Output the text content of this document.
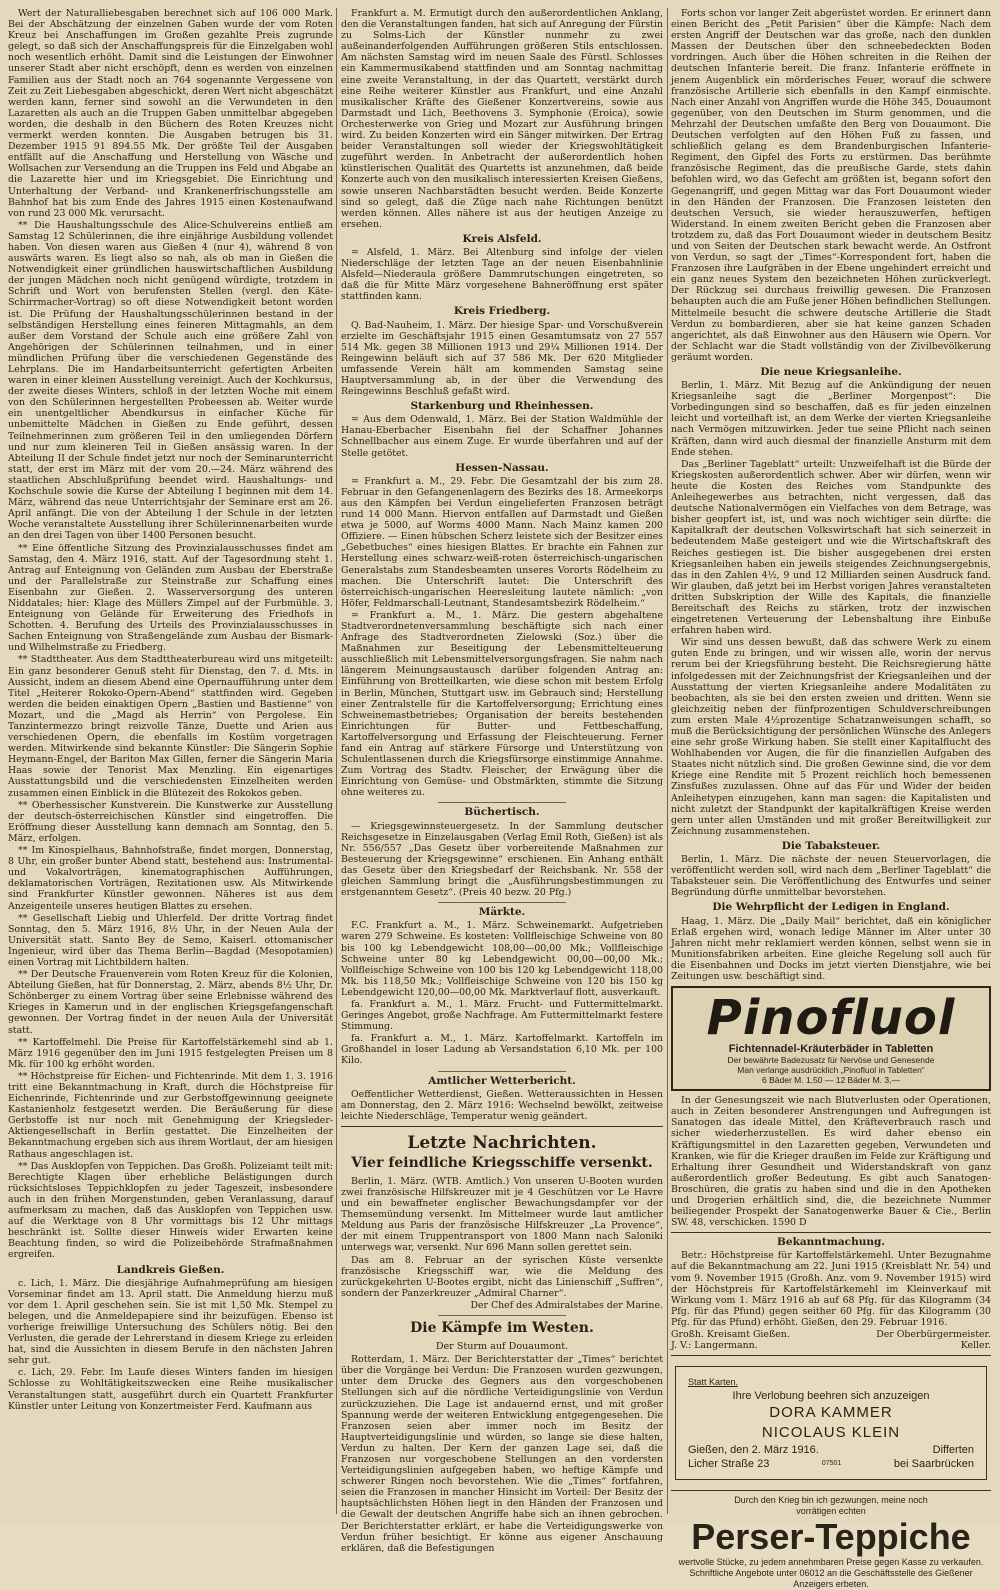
Wert der Naturalliebesgaben berechnet sich auf 106 000 Mark. Bei der Abschätzung der einzelnen Gaben wurde der vom Roten Kreuz bei Anschaffungen im Großen gezahlte Preis zugrunde gelegt, so daß sich der Anschaffungspreis für die Einzelgaben wohl noch wesentlich erhöht. Damit sind die Leistungen der Einwohner unserer Stadt aber nicht erschöpft, denn es werden von einzelnen Familien aus der Stadt noch an 764 sogenannte Vergessene von Zeit zu Zeit Liebesgaben abgeschickt, deren Wert nicht abgeschätzt werden kann, ferner sind sowohl an die Verwundeten in den Lazaretten als auch an die Truppen Gaben unmittelbar abgegeben worden, die deshalb in den Büchern des Roten Kreuzes nicht vermerkt werden konnten. Die Ausgaben betrugen bis 31. Dezember 1915 91 894.55 Mk. Der größte Teil der Ausgaben entfällt auf die Anschaffung und Herstellung von Wäsche und Wollsachen zur Versendung an die Truppen ins Feld und Abgabe an die Lazarette hier und im Kriegsgebiet. Die Einrichtung und Unterhaltung der Verband- und Krankenerfrischungsstelle am Bahnhof hat bis zum Ende des Jahres 1915 einen Kostenaufwand von rund 23 000 Mk. verursacht.

** Die Haushaltungsschule des Alice-Schulvereins entließ am Samstag 12 Schülerinnen, die ihre einjährige Ausbildung vollendet haben. Von diesen waren aus Gießen 4 (nur 4), während 8 von auswärts waren. Es liegt also so nah, als ob man in Gießen die Notwendigkeit einer gründlichen hauswirtschaftlichen Ausbildung der jungen Mädchen noch nicht genügend würdigte, trotzdem in Schrift und Wort von berufensten Stellen (vergl. den Käte-Schirrmacher-Vortrag) so oft diese Notwendigkeit betont worden ist. Die Prüfung der Haushaltungsschülerinnen bestand in der selbständigen Herstellung eines feineren Mittagmahls, an dem außer dem Vorstand der Schule auch eine größere Zahl von Angehörigen der Schülerinnen teilnahmen, und in einer mündlichen Prüfung über die verschiedenen Gegenstände des Lehrplans. Die im Handarbeitsunterricht gefertigten Arbeiten waren in einer kleinen Ausstellung vereinigt. Auch der Kochkursus, der zweite dieses Winters, schloß in der letzten Woche mit einem von den Schülerinnen hergestellten Probeessen ab. Weiter wurde ein unentgeltlicher Abendkursus in einfacher Küche für unbemittelte Mädchen in Gießen zu Ende geführt, dessen Teilnehmerinnen zum größeren Teil in den umliegenden Dörfern und nur zum kleineren Teil in Gießen ansässig waren. In der Abteilung II der Schule findet jetzt nur noch der Seminarunterricht statt, der erst im März mit der vom 20.—24. März während des staatlichen Abschlußprüfung beendet wird. Haushaltungs- und Kochschule sowie die Kurse der Abteilung I beginnen mit dem 14. März, während das neue Unterrichtsjahr der Seminare erst am 26. April anfängt. Die von der Abteilung I der Schule in der letzten Woche veranstaltete Ausstellung ihrer Schülerinnenarbeiten wurde an den drei Tagen von über 1400 Personen besucht.

** Eine öffentliche Sitzung des Provinzialausschusses findet am Samstag, den 4. März 1916, statt. Auf der Tagesordnung steht 1. Antrag auf Enteignung von Geländen zum Ausbau der Eberstraße und der Parallelstraße zur Steinstraße zur Schaffung eines Eisenbahn zur Gießen. 2. Wasserversorgung des unteren Niddatales; hier: Klage des Müllers Zimpel auf der Furbmühle. 3. Enteignung von Gelände für Erweiterung des Friedhofs in Schotten. 4. Berufung des Urteils des Provinzialausschusses in Sachen Enteignung von Straßengelände zum Ausbau der Bismark- und Wilhelmstraße zu Friedberg.

** Stadttheater. Aus dem Stadttheaterbureau wird uns mitgeteilt: Ein ganz besonderer Genuß steht für Dienstag, den 7. d. Mts. in Aussicht, indem an diesem Abend eine Opernaufführung unter dem Titel „Heiterer Rokoko-Opern-Abend“ stattfinden wird. Gegeben werden die beiden einaktigen Opern „Bastien und Bastienne“ von Mozart, und die „Magd als Herrin“ von Pergolese. Ein Tanzintermezzo bringt reizvolle Tänze, Duette und Arien aus verschiedenen Opern, die ebenfalls im Kostüm vorgetragen werden. Mitwirkende sind bekannte Künstler: Die Sängerin Sophie Heymann-Engel, der Bariton Max Gillen, ferner die Sängerin Maria Haas sowie der Tenorist Max Menzling. Ein eigenartiges Ausstattungsbild und die verschiedensten Einzelheiten werden zusammen einen Einblick in die Blütezeit des Rokokos geben.

** Oberhessischer Kunstverein. Die Kunstwerke zur Ausstellung der deutsch-österreichischen Künstler sind eingetroffen. Die Eröffnung dieser Ausstellung kann demnach am Sonntag, den 5. März, erfolgen.

** Im Kinospielhaus, Bahnhofstraße, findet morgen, Donnerstag, 8 Uhr, ein großer bunter Abend statt, bestehend aus: Instrumental- und Vokalvorträgen, kinematographischen Aufführungen, deklamatorischen Vorträgen, Rezitationen usw. Als Mitwirkende sind Frankfurter Künstler gewonnen. Näheres ist aus dem Anzeigenteile unseres heutigen Blattes zu ersehen.

** Gesellschaft Liebig und Uhlerfeld. Der dritte Vortrag findet Sonntag, den 5. März 1916, 8½ Uhr, in der Neuen Aula der Universität statt. Santo Bey de Semo, Kaiserl. ottomanischer Ingenieur, wird über das Thema Berlin—Bagdad (Mesopotamien) einen Vortrag mit Lichtbildern halten.

** Der Deutsche Frauenverein vom Roten Kreuz für die Kolonien, Abteilung Gießen, hat für Donnerstag, 2. März, abends 8½ Uhr, Dr. Schönberger zu einem Vortrag über seine Erlebnisse während des Krieges in Kamerun und in der englischen Kriegsgefangenschaft gewonnen. Der Vortrag findet in der neuen Aula der Universität statt.

** Kartoffelmehl. Die Preise für Kartoffelstärkemehl sind ab 1. März 1916 gegenüber den im Juni 1915 festgelegten Preisen um 8 Mk. für 100 kg erhöht worden.

** Höchstpreise für Eichen- und Fichtenrinde. Mit dem 1. 3. 1916 tritt eine Bekanntmachung in Kraft, durch die Höchstpreise für Eichenrinde, Fichtenrinde und zur Gerbstoffgewinnung geeignete Kastanienholz festgesetzt werden. Die Beräußerung für diese Gerbstoffe ist nur noch mit Genehmigung der Kriegsleder-Aktiengesellschaft in Berlin gestattet. Die Einzelheiten der Bekanntmachung ergeben sich aus ihrem Wortlaut, der am hiesigen Rathaus angeschlagen ist.

** Das Ausklopfen von Teppichen. Das Großh. Polizeiamt teilt mit: Berechtigte Klagen über erhebliche Belästigungen durch rücksichtsloses Teppichklopfen zu jeder Tageszeit, insbesondere auch in den frühen Morgenstunden, geben Veranlassung, darauf aufmerksam zu machen, daß das Ausklopfen von Teppichen usw. auf die Werktage von 8 Uhr vormittags bis 12 Uhr mittags beschränkt ist. Sollte dieser Hinweis wider Erwarten keine Beachtung finden, so wird die Polizeibehörde Strafmaßnahmen ergreifen.

Landkreis Gießen.

c. Lich, 1. März. Die diesjährige Aufnahmeprüfung am hiesigen Vorseminar findet am 13. April statt. Die Anmeldung hierzu muß vor dem 1. April geschehen sein. Sie ist mit 1,50 Mk. Stempel zu belegen, und die Anmeldepapiere sind ihr beizufügen. Ebenso ist vorherige freiwillige Untersuchung des Schülers nötig. Bei den Verlusten, die gerade der Lehrerstand in diesem Kriege zu erleiden hat, sind die Aussichten in diesem Berufe in den nächsten Jahren sehr gut.

c. Lich, 29. Febr. Im Laufe dieses Winters fanden im hiesigen Schlosse zu Wohltätigkeitszwecken eine Reihe musikalischer Veranstaltungen statt, ausgeführt durch ein Quartett Frankfurter Künstler unter Leitung von Konzertmeister Ferd. Kaufmann aus

Frankfurt a. M. Ermutigt durch den außerordentlichen Anklang, den die Veranstaltungen fanden, hat sich auf Anregung der Fürstin zu Solms-Lich der Künstler nunmehr zu zwei außeinanderfolgenden Aufführungen größeren Stils entschlossen. Am nächsten Samstag wird im neuen Saale des Fürstl. Schlosses ein Kammermusikabend stattfinden und am Sonntag nachmittag eine zweite Veranstaltung, in der das Quartett, verstärkt durch eine Reihe weiterer Künstler aus Frankfurt, und eine Anzahl musikalischer Kräfte des Gießener Konzertvereins, sowie aus Darmstadt und Lich, Beethovens 3. Symphonie (Eroica), sowie Orchesterwerke von Grieg und Mozart zur Ausführung bringen wird. Zu beiden Konzerten wird ein Sänger mitwirken. Der Ertrag beider Veranstaltungen soll wieder der Kriegswohltätigkeit zugeführt werden. In Anbetracht der außerordentlich hohen künstlerischen Qualität des Quartetts ist anzunehmen, daß beide Konzerte auch von den musikalisch interessierten Kreisen Gießens, sowie unseren Nachbarstädten besucht werden. Beide Konzerte sind so gelegt, daß die Züge nach nahe Richtungen benützt werden können. Alles nähere ist aus der heutigen Anzeige zu ersehen.

Kreis Alsfeld.

= Alsfeld, 1. März. Bei Altenburg sind infolge der vielen Niederschläge der letzten Tage an der neuen Eisenbahnlinie Alsfeld—Niederaula größere Dammrutschungen eingetreten, so daß die für Mitte März vorgesehene Bahneröffnung erst später stattfinden kann.

Kreis Friedberg.

Q. Bad-Nauheim, 1. März. Der hiesige Spar- und Vorschußverein erzielte im Geschäftsjahr 1915 einen Gesamtumsatz von 27 557 514 Mk. gegen 38 Millionen 1913 und 29¼ Millionen 1914. Der Reingewinn beläuft sich auf 37 586 Mk. Der 620 Mitglieder umfassende Verein hält am kommenden Samstag seine Hauptversammlung ab, in der über die Verwendung des Reingewinns Beschluß gefaßt wird.

Starkenburg und Rheinhessen.

= Aus dem Odenwald, 1. März. Bei der Station Waldmühle der Hanau-Eberbacher Eisenbahn fiel der Schaffner Johannes Schnellbacher aus einem Zuge. Er wurde überfahren und auf der Stelle getötet.

Hessen-Nassau.

= Frankfurt a. M., 29. Febr. Die Gesamtzahl der bis zum 28. Februar in den Gefangenenlagern des Bezirks des 18. Armeekorps aus den Kämpfen bei Verdun eingelieferten Franzosen beträgt rund 14 000 Mann. Hiervon entfallen auf Darmstadt und Gießen etwa je 5000, auf Worms 4000 Mann. Nach Mainz kamen 200 Offiziere. — Einen hübschen Scherz leistete sich der Besitzer eines „Gebetbuches“ eines hiesigen Blattes. Er brachte ein Fahnen zur Herstellung eines schwarz-weiß-roten österreichisch-ungarischen Generalstabs zum Standesbeamten unseres Vororts Rödelheim zu machen. Die Unterschrift lautet: Die Unterschrift des österreichisch-ungarischen Heeresleitung lautete nämlich: „von Höfer, Feldmarschall-Leutnant, Standesamtsbezirk Rödelheim.“

= Frankfurt a. M., 1. März. Die gestern abgehaltene Stadtverordnetenversammlung beschäftigte sich nach einer Anfrage des Stadtverordneten Zielowski (Soz.) über die Maßnahmen zur Beseitigung der Lebensmittelteuerung ausschließlich mit Lebensmittelversorgungsfragen. Sie nahm nach längerem Meinungsaustausch darüber folgenden Antrag an: Einführung von Brotteilkarten, wie diese schon mit bestem Erfolg in Berlin, München, Stuttgart usw. im Gebrauch sind; Herstellung einer Zentralstelle für die Kartoffelversorgung; Errichtung eines Schweinemastbetriebes; Organisation der bereits bestehenden Einrichtungen für Butter- und Fettbeschaffung, Kartoffelversorgung und Erfassung der Fleischteuerung. Ferner fand ein Antrag auf stärkere Fürsorge und Unterstützung von Schulentlassenen durch die Kriegsfürsorge einstimmige Annahme. Zum Vortrag des Stadtv. Fleischer, der Erwägung über die Einrichtung von Gemüse- und Obstmärkten, stimmte die Sitzung ohne weiteres zu.

Büchertisch.

— Kriegsgewinnsteuergesetz. In der Sammlung deutscher Reichsgesetze in Einzelausgaben (Verlag Emil Roth, Gießen) ist als Nr. 556/557 „Das Gesetz über vorbereitende Maßnahmen zur Besteuerung der Kriegsgewinne“ erschienen. Ein Anhang enthält das Gesetz über den Kriegsbedarf der Reichsbank. Nr. 558 der gleichen Sammlung bringt die „Ausführungsbestimmungen zu erstgenanntem Gesetz“. (Preis 40 bezw. 20 Pfg.)

Märkte.

F.C. Frankfurt a. M., 1. März. Schweinemarkt. Aufgetrieben waren 279 Schweine. Es kosteten: Vollfleischige Schweine von 80 bis 100 kg Lebendgewicht 108,00—00,00 Mk.; Vollfleischige Schweine unter 80 kg Lebendgewicht 00,00—00,00 Mk.; Vollfleischige Schweine von 100 bis 120 kg Lebendgewicht 118,00 Mk. bis 118,50 Mk.; Vollfleischige Schweine von 120 bis 150 kg Lebendgewicht 120,00—00,00 Mk. Marktverlauf flott, ausverkauft.

fa. Frankfurt a. M., 1. März. Frucht- und Futtermittelmarkt. Geringes Angebot, große Nachfrage. Am Futtermittelmarkt festere Stimmung.

fa. Frankfurt a. M., 1. März. Kartoffelmarkt. Kartoffeln im Großhandel in loser Ladung ab Versandstation 6,10 Mk. per 100 Kilo.

Amtlicher Wetterbericht.

Oeffentlicher Wetterdienst, Gießen. Wetteraussichten in Hessen am Donnerstag, den 2. März 1916: Wechselnd bewölkt, zeitweise leichte Niederschläge, Temperatur wenig geändert.

Letzte Nachrichten.
Vier feindliche Kriegsschiffe versenkt.

Berlin, 1. März. (WTB. Amtlich.) Von unseren U-Booten wurden zwei französische Hilfskreuzer mit je 4 Geschützen vor Le Havre und ein bewaffneter englischer Bewachungsdampfer vor der Themsemündung versenkt. Im Mittelmeer wurde laut amtlicher Meldung aus Paris der französische Hilfskreuzer „La Provence“, der mit einem Truppentransport von 1800 Mann nach Saloniki unterwegs war, versenkt. Nur 696 Mann sollen gerettet sein.

Das am 8. Februar an der syrischen Küste versenkte französische Kriegsschiff war, wie die Meldung des zurückgekehrten U-Bootes ergibt, nicht das Linienschiff „Suffren“, sondern der Panzerkreuzer „Admiral Charner“.

Der Chef des Admiralstabes der Marine.

Die Kämpfe im Westen.
Der Sturm auf Douaumont.

Rotterdam, 1. März. Der Berichterstatter der „Times“ berichtet über die Vorgänge bei Verdun: Die Franzosen wurden gezwungen, unter dem Drucke des Gegners aus den vorgeschobenen Stellungen sich auf die nördliche Verteidigungslinie von Verdun zurückzuziehen. Die Lage ist andauernd ernst, und mit großer Spannung werde der weiteren Entwicklung entgegengesehen. Die Franzosen seien aber immer noch im Besitz der Hauptverteidigungslinie und würden, so lange sie diese halten, Verdun zu halten. Der Kern der ganzen Lage sei, daß die Franzosen nur vorgeschobene Stellungen an den vordersten Verteidigungslinien aufgegeben haben, wo heftige Kämpfe und schwerer Ringen noch bevorstehen. Wie die „Times“ fortfahren, seien die Franzosen in mancher Hinsicht im Vorteil: Der Besitz der hauptsächlichsten Höhen liegt in den Händen der Franzosen und die Gewalt der deutschen Angriffe habe sich an ihnen gebrochen. Der Berichterstatter erklärt, er habe die Verteidigungswerke von Verdun früher besichtigt. Er könne aus eigener Anschauung erklären, daß die Befestigungen

Forts schon vor langer Zeit abgerüstet worden. Er erinnert dann einen Bericht des „Petit Parisien“ über die Kämpfe: Nach dem ersten Angriff der Deutschen war das große, nach den dunklen Massen der Deutschen über den schneebedeckten Boden vordringen. Auch über die Höhen schreiten in die Reihen der deutschen Infanterie bereit. Die franz. Infanterie eröffnete in jenem Augenblick ein mörderisches Feuer, worauf die schwere französische Artillerie sich ebenfalls in den Kampf einmischte. Nach einer Anzahl von Angriffen wurde die Höhe 345, Douaumont gegenüber, von den Deutschen im Sturm genommen, und die Mehrzahl der Deutschen umfaßte den Berg von Douaumont. Die Deutschen verfolgten auf den Höhen Fuß zu fassen, und schließlich gelang es dem Brandenburgischen Infanterie-Regiment, den Gipfel des Forts zu erstürmen. Das berühmte französische Regiment, das die preußische Garde, stets dahin befohlen wird, wo das Gefecht am größten ist, begann sofort den Gegenangriff, und gegen Mittag war das Fort Douaumont wieder in den Händen der Franzosen. Die Franzosen leisteten den deutschen Versuch, sie wieder herauszuwerfen, heftigen Widerstand. In einem zweiten Bericht geben die Franzosen aber trotzdem zu, daß das Fort Douaumont wieder in deutschem Besitz und von Seiten der Deutschen stark bewacht werde. An Ostfront von Verdun, so sagt der „Times“-Korrespondent fort, haben die Franzosen ihre Laufgräben in der Ebene ungehindert erreicht und ein ganz neues System den bezeichneten Höhen zurückverlegt. Der Rückzug sei durchaus freiwillig gewesen. Die Franzosen behaupten auch die am Fuße jener Höhen befindlichen Stellungen. Mittelmeile besucht die schwere deutsche Artillerie die Stadt Verdun zu bombardieren, aber sie hat keine ganzen Schaden angerichtet, als daß Einwohner aus den Häusern wie Opern. Vor der Schlacht war die Stadt vollständig von der Zivilbevölkerung geräumt worden.

Die neue Kriegsanleihe.

Berlin, 1. März. Mit Bezug auf die Ankündigung der neuen Kriegsanleihe sagt die „Berliner Morgenpost“: Die Vorbedingungen sind so beschaffen, daß es für jeden einzelnen leicht und vorteilhaft ist, an dem Werke der vierten Kriegsanleihe nach Vermögen mitzuwirken. Jeder tue seine Pflicht nach seinen Kräften, dann wird auch diesmal der finanzielle Ansturm mit dem Ende stehen.

Das „Berliner Tageblatt“ urteilt: Unzweifelhaft ist die Bürde der Kriegskosten außerordentlich schwer. Aber wir dürfen, wenn wir heute die Kosten des Reiches vom Standpunkte des Anleihegewerbes aus betrachten, nicht vergessen, daß das deutsche Nationalvermögen ein Vielfaches von dem Betrage, was bisher geopfert ist, ist, und was noch wichtiger sein dürfte: die Kapitalkraft der deutschen Volkswirtschaft hat sich seinerzeit in bedeutendem Maße gesteigert und wie die Wirtschaftskraft des Reiches gestiegen ist. Die bisher ausgegebenen drei ersten Kriegsanleihen haben ein jeweils steigendes Zeichnungsergebnis, das in den Zahlen 4½, 9 und 12 Milliarden seinen Ausdruck fand. Wir glauben, daß jetzt bei im Herbst vorigen Jahres veranstalteten dritten Subskription der Wille des Kapitals, die finanzielle Bereitschaft des Reichs zu stärken, trotz der inzwischen eingetretenen Verteuerung der Lebenshaltung ihre Einbuße erfahren haben wird.

Wir sind uns dessen bewußt, daß das schwere Werk zu einem guten Ende zu bringen, und wir wissen alle, worin der nervus rerum bei der Kriegsführung besteht. Die Reichsregierung hätte infolgedessen mit der Zeichnungsfrist der Kriegsanleihen und der Ausstattung der vierten Kriegsanleihe andere Modalitäten zu beobachten, als sie bei den ersten zweien und dritten. Wenn sie gleichzeitig neben der fünfprozentigen Schuldverschreibungen zum ersten Male 4½prozentige Schatzanweisungen schafft, so muß die Berücksichtigung der persönlichen Wünsche des Anlegers eine sehr große Wirkung haben. Sie stellt einer Kapitalflucht des Wohlhabenden vor Augen, die für die finanziellen Aufgaben des Staates nicht nützlich sind. Die großen Gewinne sind, die vor dem Kriege eine Rendite mit 5 Prozent reichlich hoch bemessenen Zinsfußes zuzulassen. Ohne auf das Für und Wider der beiden Anleihetypen einzugehen, kann man sagen: die Kapitalisten und nicht zuletzt der Standpunkt der kapitalkräftigen Kreise werden gern unter allen Umständen und mit großer Bereitwilligkeit zur Zeichnung zusammenstehen.

Die Tabaksteuer.

Berlin, 1. März. Die nächste der neuen Steuervorlagen, die veröffentlicht werden soll, wird nach dem „Berliner Tageblatt“ die Tabaksteuer sein. Die Veröffentlichung des Entwurfes und seiner Begründung dürfte unmittelbar bevorstehen.

Die Wehrpflicht der Ledigen in England.

Haag, 1. März. Die „Daily Mail“ berichtet, daß ein königlicher Erlaß ergehen wird, wonach ledige Männer im Alter unter 30 Jahren nicht mehr reklamiert werden können, selbst wenn sie in Munitionsfabriken arbeiten. Eine gleiche Regelung soll auch für die Eisenbahnen und Docks im jetzt vierten Dienstjahre, wie bei Zeitungen usw. beschäftigt sind.

Pinofluol
Fichtennadel-Kräuterbäder in Tabletten
Der bewährte Badezusatz für Nervöse und Genesende
Man verlange ausdrücklich „Pinofluol in Tabletten“
6 Bäder M. 1,50 — 12 Bäder M. 3,—

In der Genesungszeit wie nach Blutverlusten oder Operationen, auch in Zeiten besonderer Anstrengungen und Aufregungen ist Sanatogen das ideale Mittel, den Kräfteverbrauch rasch und sicher wiederherzustellen. Es wird daher ebenso ein Kräftigungsmittel in den Lazaretten gegeben, Verwundeten und Kranken, wie für die Krieger draußen im Felde zur Kräftigung und Erhaltung ihrer Gesundheit und Widerstandskraft von ganz außerordentlich großer Bedeutung. Es gibt auch Sanatogen-Broschüren, die gratis zu haben sind und die in den Apotheken und Drogerien erhältlich sind, die, die bezeichnete Nummer beiliegender Prospekt der Sanatogenwerke Bauer & Cie., Berlin SW. 48, verschicken. 1590 D

Bekanntmachung.

Betr.: Höchstpreise für Kartoffelstärkemehl. Unter Bezugnahme auf die Bekanntmachung am 22. Juni 1915 (Kreisblatt Nr. 54) und vom 9. November 1915 (Großh. Anz. vom 9. November 1915) wird der Höchstpreis für Kartoffelstärkemehl im Kleinverkauf mit Wirkung vom 1. März 1916 ab auf 68 Pfg. für das Kilogramm (34 Pfg. für das Pfund) gegen seither 60 Pfg. für das Kilogramm (30 Pfg. für das Pfund) erhöht. Gießen, den 29. Februar 1916.

Großh. Kreisamt Gießen.
J. V.: Langermann.
Der Oberbürgermeister.
Keller.
Statt Karten.
Ihre Verlobung beehren sich anzuzeigen
DORA KAMMER
NICOLAUS KLEIN
Gießen, den 2. März 1916.	Differten
Licher Straße 23	07501	bei Saarbrücken
Durch den Krieg bin ich gezwungen, meine noch
vorrätigen echten
Perser-Teppiche
wertvolle Stücke, zu jedem annehmbaren Preise gegen Kasse zu verkaufen. Schriftliche Angebote unter 06012 an die Geschäftsstelle des Gießener Anzeigers erbeten.
